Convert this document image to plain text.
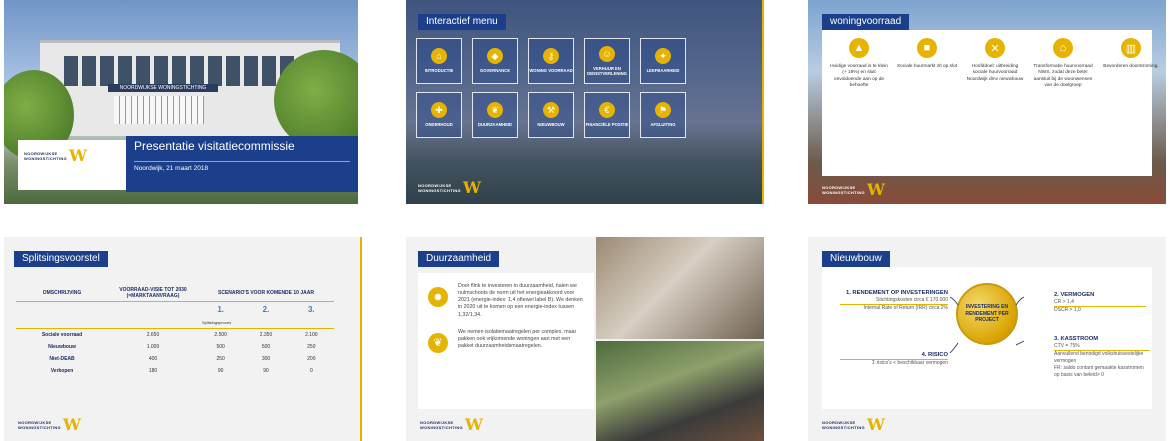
NOORDWIJKSE WONINGSTICHTING
NOORDWIJKSE
WONINGSTICHTING W	Presentatie visitatiecommissie
Noordwijk, 21 maart 2018
Interactief menu
⌂
INTRODUCTIE
◆
GOVERNANCE
⚷
WONING VOORRAAD
☺
VERHUUR EN DIENSTVERLENING
✦
LEEFBAARHEID
✚
ONDERHOUD
❦
DUURZAAMHEID
⚒
NIEUWBOUW
€
FINANCIËLE POSITIE
⚑
AFSLUITING
NOORDWIJKSE
WONINGSTICHTING W
woningvoorraad
▲
Huidige voorraad is te klein (+ 19%) en sluit onvoldoende aan op de behoefte
■
Sociale huurmarkt zit op slot
✕
Hoofddoel: uitbreiding sociale huurvoorraad Noordwijk dmv nieuwbouw
⌂
Transformatie huurvoorraad NWS, zodat deze beter aansluit bij de woonwensen van de doelgroep
▥
Bevorderen doorstroming.
NOORDWIJKSE
WONINGSTICHTING W
Splitsingsvoorstel
OMSCHRIJVING	VOORRAAD-VISIE TOT 2030 (=MARKTAANVRAAG)	SCENARIO'S VOOR KOMENDE 10 JAAR		
		1.	2.	3.
		Splitsingsproces		
Sociale voorraad	2.650	2.500	2.350	2.100
Nieuwbouw	1.000	500	500	250
Niet-DEAB	400	250	300	200
Verkopen	180	90	90	0
NOORDWIJKSE
WONINGSTICHTING W
Duurzaamheid
✹
Door flink te investeren in duurzaamheid, halen we nulmschoots de norm uit het energieakkoord voor 2021 (energie-index: 1,4 oftewel label B). We denken in 2020 uit te komen op een energie-index tussen 1,32/1,34.
❦
We nemen isolatiemaatregelen per complex, maar pakken ook vrijkomende woningen aan met een pakket duurzaamheidsmaatregelen.
NOORDWIJKSE
WONINGSTICHTING W
Nieuwbouw
INVESTERING EN RENDEMENT PER PROJECT
1. RENDEMENT OP INVESTERINGEN
Stichtingskosten circa € 170.000
Internal Rate of Return (IRR) circa 2%
2. VERMOGEN
CR > 1,4
DSCR > 1,0
3. KASSTROOM
CTV = 75%
Aanvullend benodigd volkshuisvestelijke vermogen
FR: saldo contant gemaakte kasstromen op basis van beleid> 0
4. RISICO
Σ risico's < beschikbaar vermogen
NOORDWIJKSE
WONINGSTICHTING W
